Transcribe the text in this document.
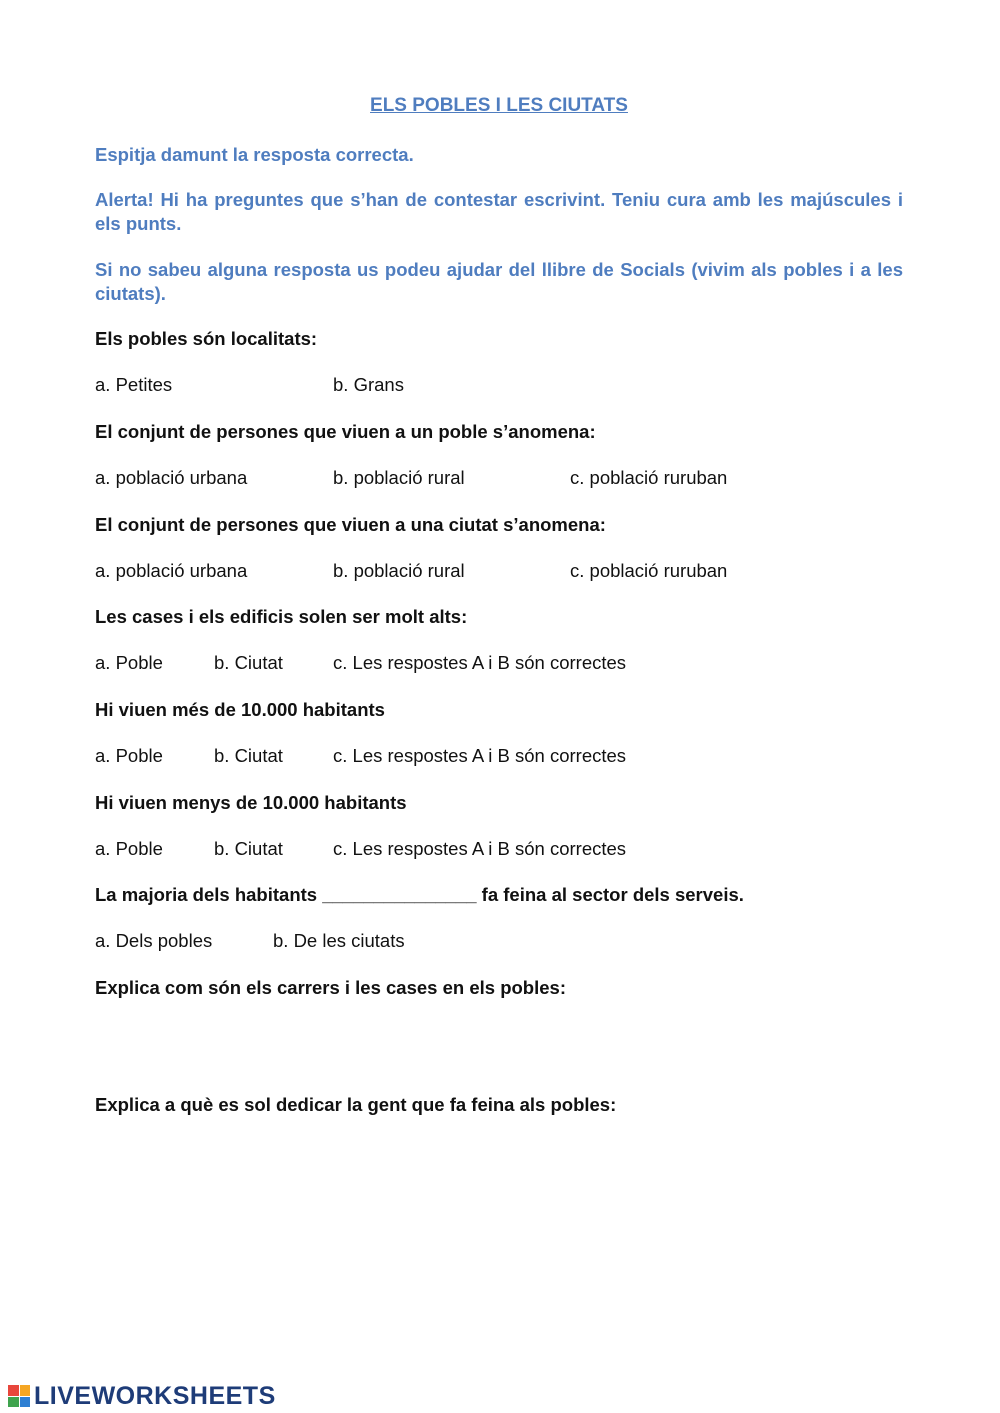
ELS POBLES I LES CIUTATS
Espitja damunt la resposta correcta.
Alerta! Hi ha preguntes que s’han de contestar escrivint. Teniu cura amb les majúscules i els punts.
Si no sabeu alguna resposta us podeu ajudar del llibre de Socials (vivim als pobles i a les ciutats).
Els pobles són localitats:
a. Petites	b. Grans
El conjunt de persones que viuen a un poble s’anomena:
a. població urbana	b. població rural	c. població ruruban
El conjunt de persones que viuen a una ciutat s’anomena:
a. població urbana	b. població rural	c. població ruruban
Les cases i els edificis solen ser molt alts:
a. Poble	b. Ciutat	c. Les respostes A i B són correctes
Hi viuen més de 10.000 habitants
a. Poble	b. Ciutat	c. Les respostes A i B són correctes
Hi viuen menys de 10.000 habitants
a. Poble	b. Ciutat	c. Les respostes A i B són correctes
La majoria dels habitants _______________ fa feina al sector dels serveis.
a. Dels pobles	b. De les ciutats
Explica com són els carrers i les cases en els pobles:
Explica a què es sol dedicar la gent que fa feina als pobles:
LIVEWORKSHEETS
